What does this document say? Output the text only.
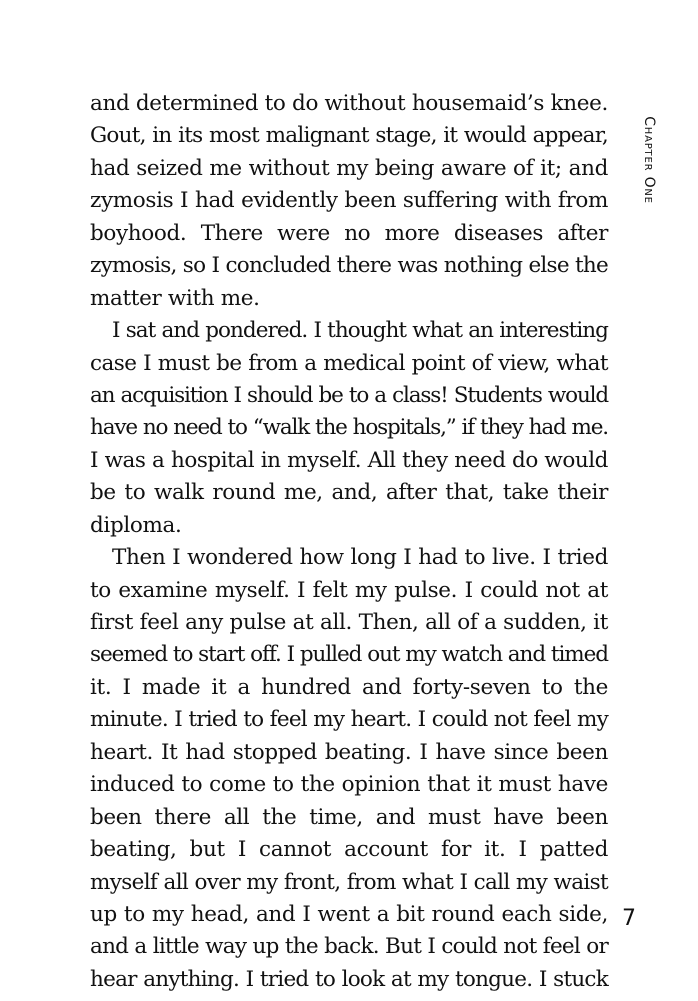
Chapter One
and determined to do without housemaid’s knee.
Gout, in its most malignant stage, it would appear,
had seized me without my being aware of it; and
zymosis I had evidently been suffering with from
boyhood. There were no more diseases after
zymosis, so I concluded there was nothing else the
matter with me.
I sat and pondered. I thought what an interesting
case I must be from a medical point of view, what
an acquisition I should be to a class! Students would
have no need to “walk the hospitals,” if they had me.
I was a hospital in myself. All they need do would
be to walk round me, and, after that, take their
diploma.
Then I wondered how long I had to live. I tried
to examine myself. I felt my pulse. I could not at
first feel any pulse at all. Then, all of a sudden, it
seemed to start off. I pulled out my watch and timed
it. I made it a hundred and forty-seven to the
minute. I tried to feel my heart. I could not feel my
heart. It had stopped beating. I have since been
induced to come to the opinion that it must have
been there all the time, and must have been
beating, but I cannot account for it. I patted
myself all over my front, from what I call my waist
up to my head, and I went a bit round each side,
and a little way up the back. But I could not feel or
hear anything. I tried to look at my tongue. I stuck
7
